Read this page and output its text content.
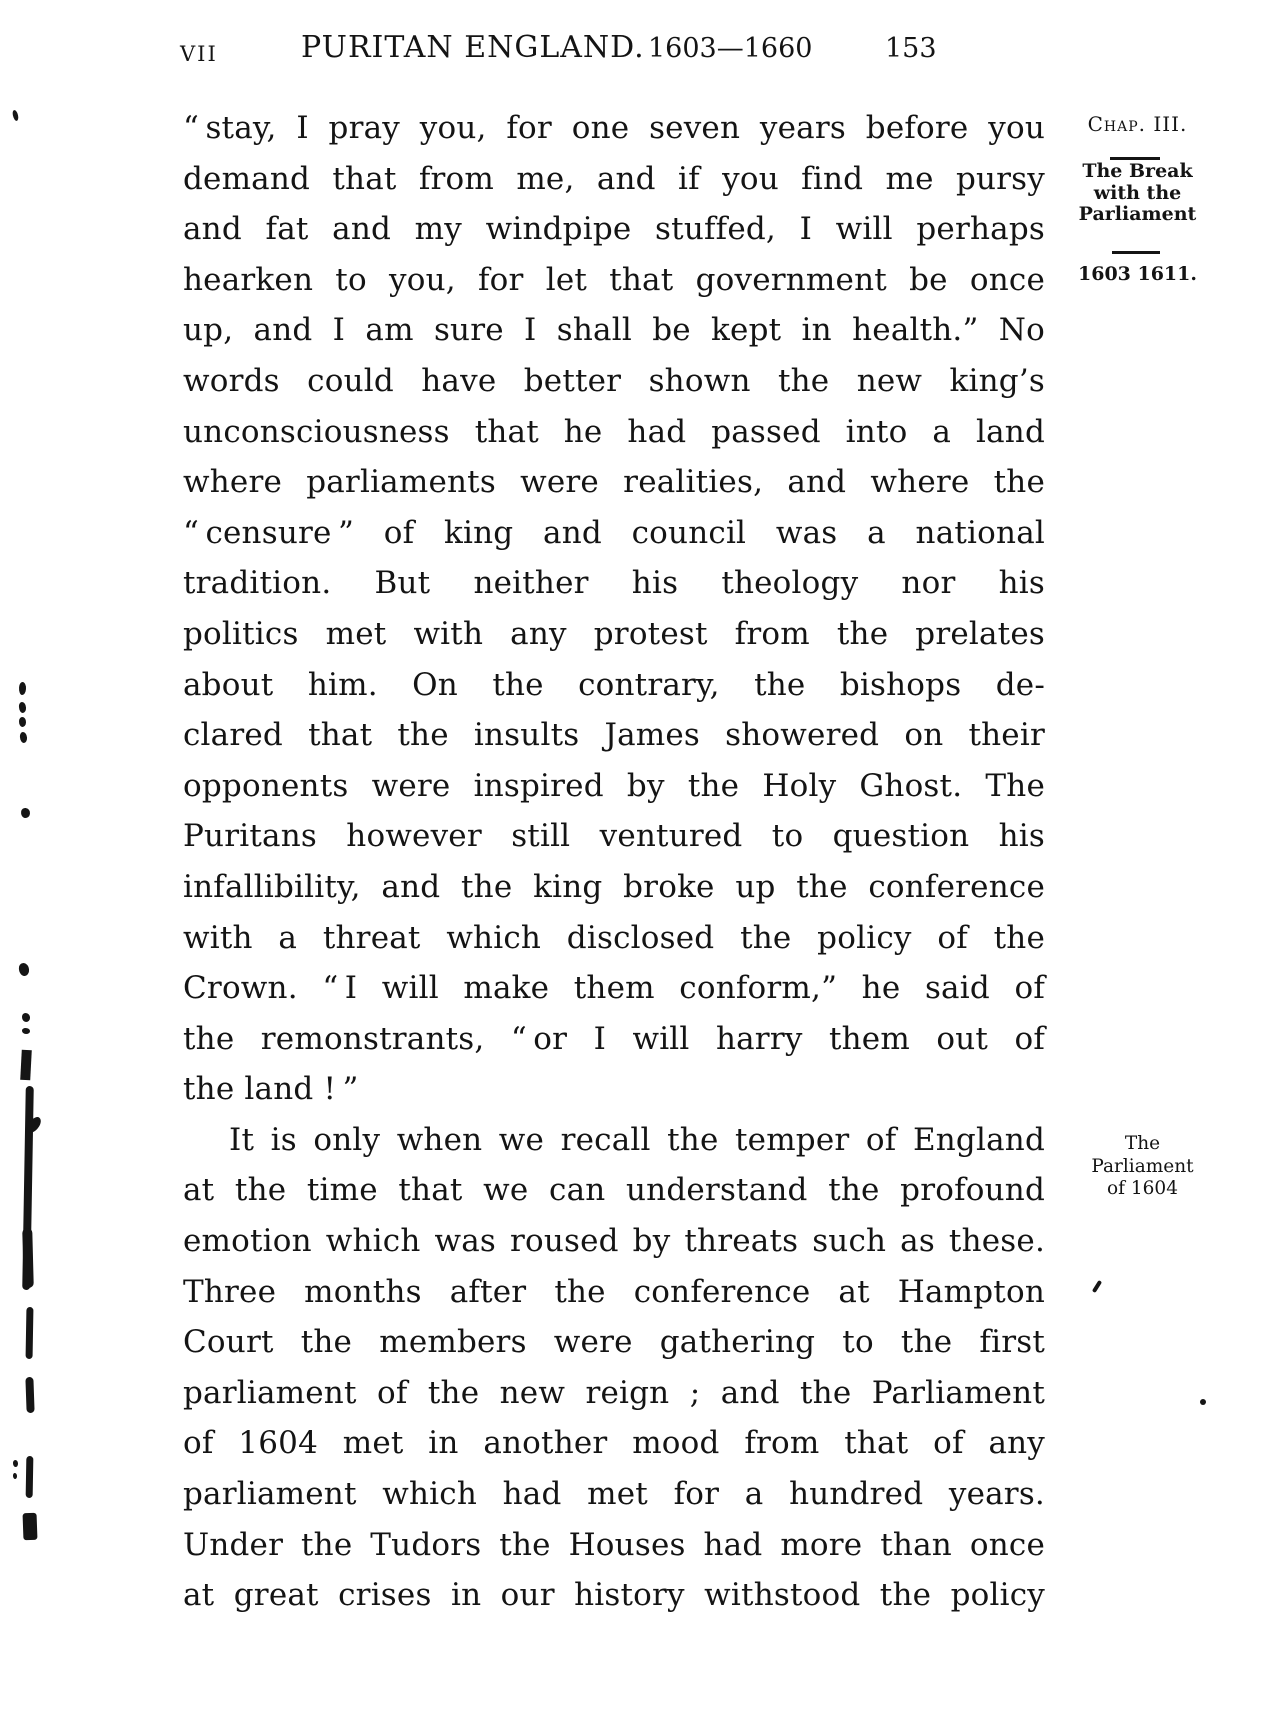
VII	PURITAN ENGLAND. 1603—1660	153
“ stay, I pray you, for one seven years before you
demand that from me, and if you find me pursy
and fat and my windpipe stuffed, I will perhaps
hearken to you, for let that government be once
up, and I am sure I shall be kept in health.” No
words could have better shown the new king’s
unconsciousness that he had passed into a land
where parliaments were realities, and where the
“ censure ” of king and council was a national
tradition. But neither his theology nor his
politics met with any protest from the prelates
about him. On the contrary, the bishops de-
clared that the insults James showered on their
opponents were inspired by the Holy Ghost. The
Puritans however still ventured to question his
infallibility, and the king broke up the conference
with a threat which disclosed the policy of the
Crown. “ I will make them conform,” he said of
the remonstrants, “ or I will harry them out of
the land ! ”
It is only when we recall the temper of England
at the time that we can understand the profound
emotion which was roused by threats such as these.
Three months after the conference at Hampton
Court the members were gathering to the first
parliament of the new reign ; and the Parliament
of 1604 met in another mood from that of any
parliament which had met for a hundred years.
Under the Tudors the Houses had more than once
at great crises in our history withstood the policy
Chap. III.
The Break
with the
Parliament
1603 1611.
The
Parliament
of 1604
